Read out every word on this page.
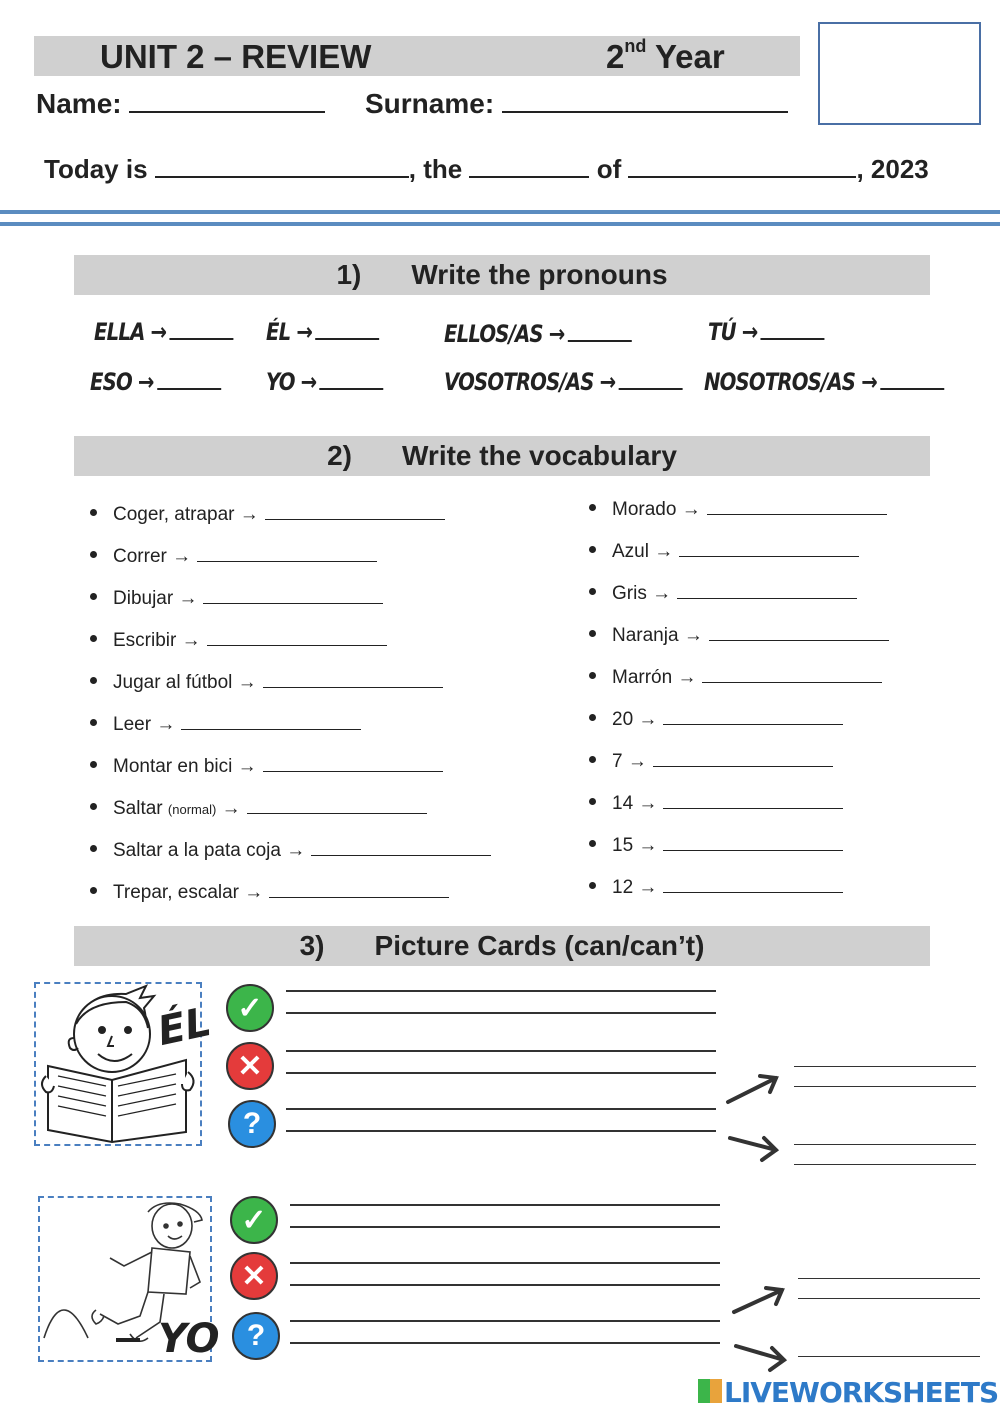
UNIT 2 – REVIEW	2nd Year
Name:	Surname:
Today is	, the	of	, 2023
1) Write the pronouns
ELLA →	ÉL →	ELLOS/AS →	TÚ →
ESO →	YO →	VOSOTROS/AS →	NOSOTROS/AS →
2) Write the vocabulary
3) Picture Cards (can/can’t)
ÉL ✓
✕
?
YO
✓
✕
?
LIVEWORKSHEETS
Coger, atrapar →
Correr →
Dibujar →
Escribir →
Jugar al fútbol →
Leer →
Montar en bici →
Saltar (normal) →
Saltar a la pata coja →
Trepar, escalar →
Morado →
Azul →
Gris →
Naranja →
Marrón →
20 →
7 →
14 →
15 →
12 →
